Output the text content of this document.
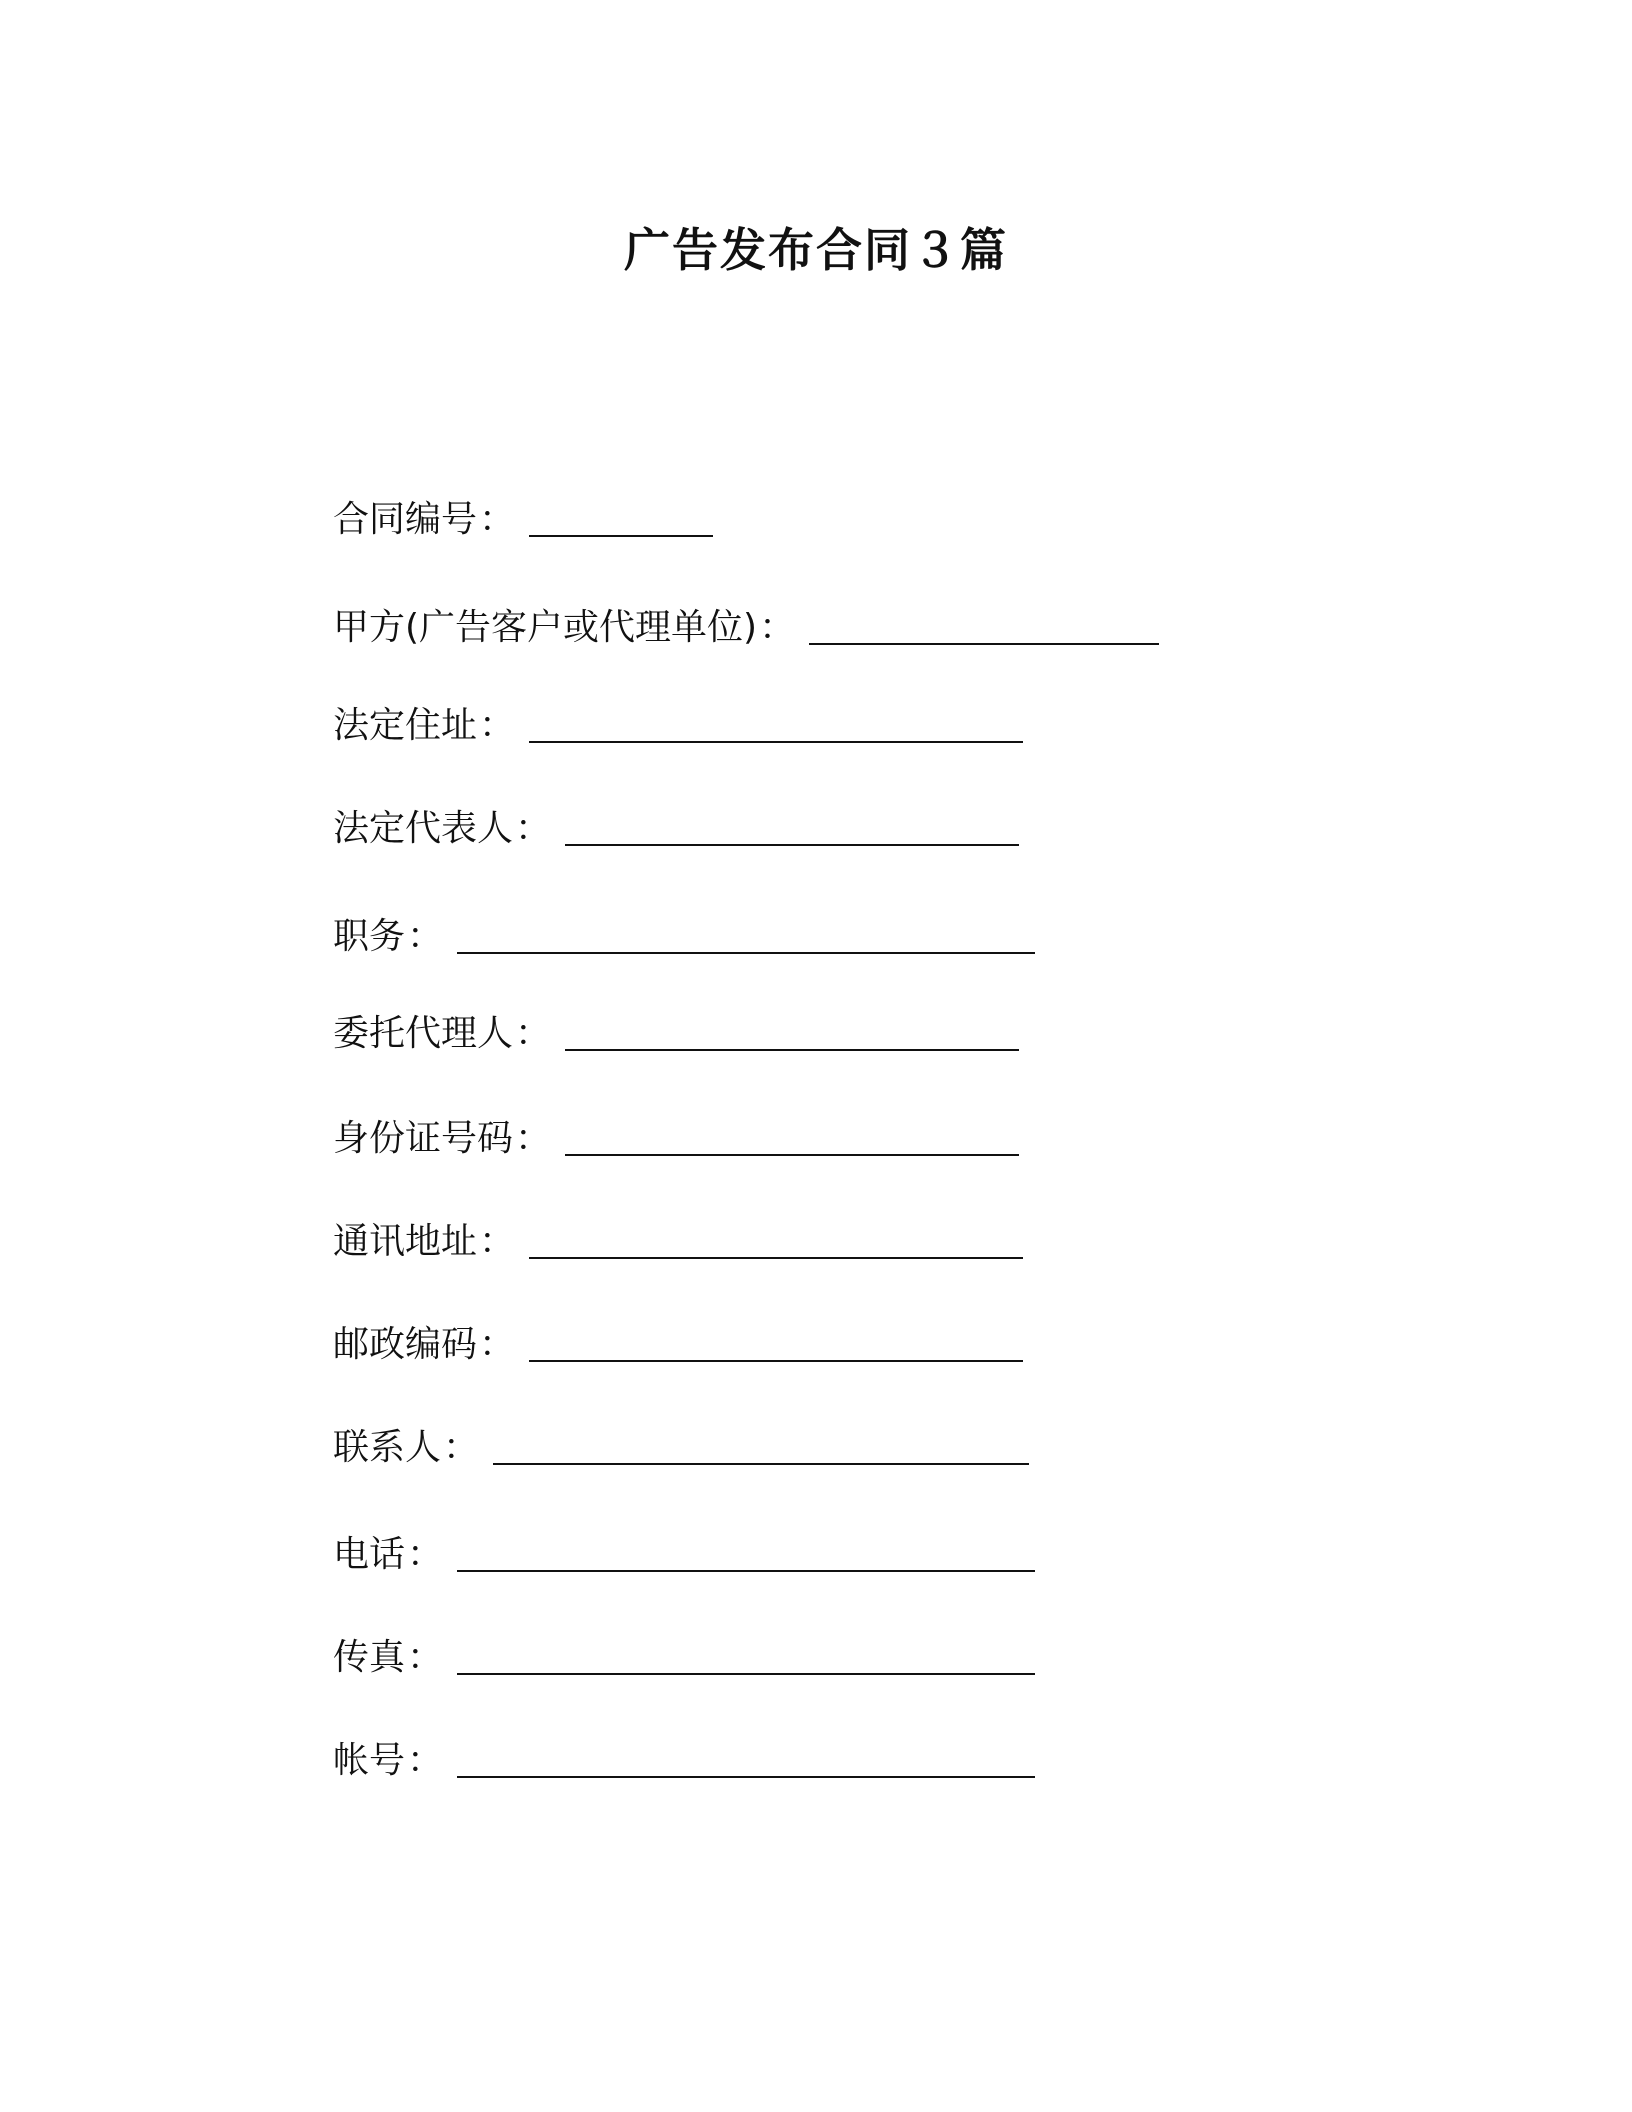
广告发布合同３篇
合同编号：
甲方(广告客户或代理单位)：
法定住址：
法定代表人：
职务：
委托代理人：
身份证号码：
通讯地址：
邮政编码：
联系人：
电话：
传真：
帐号：
